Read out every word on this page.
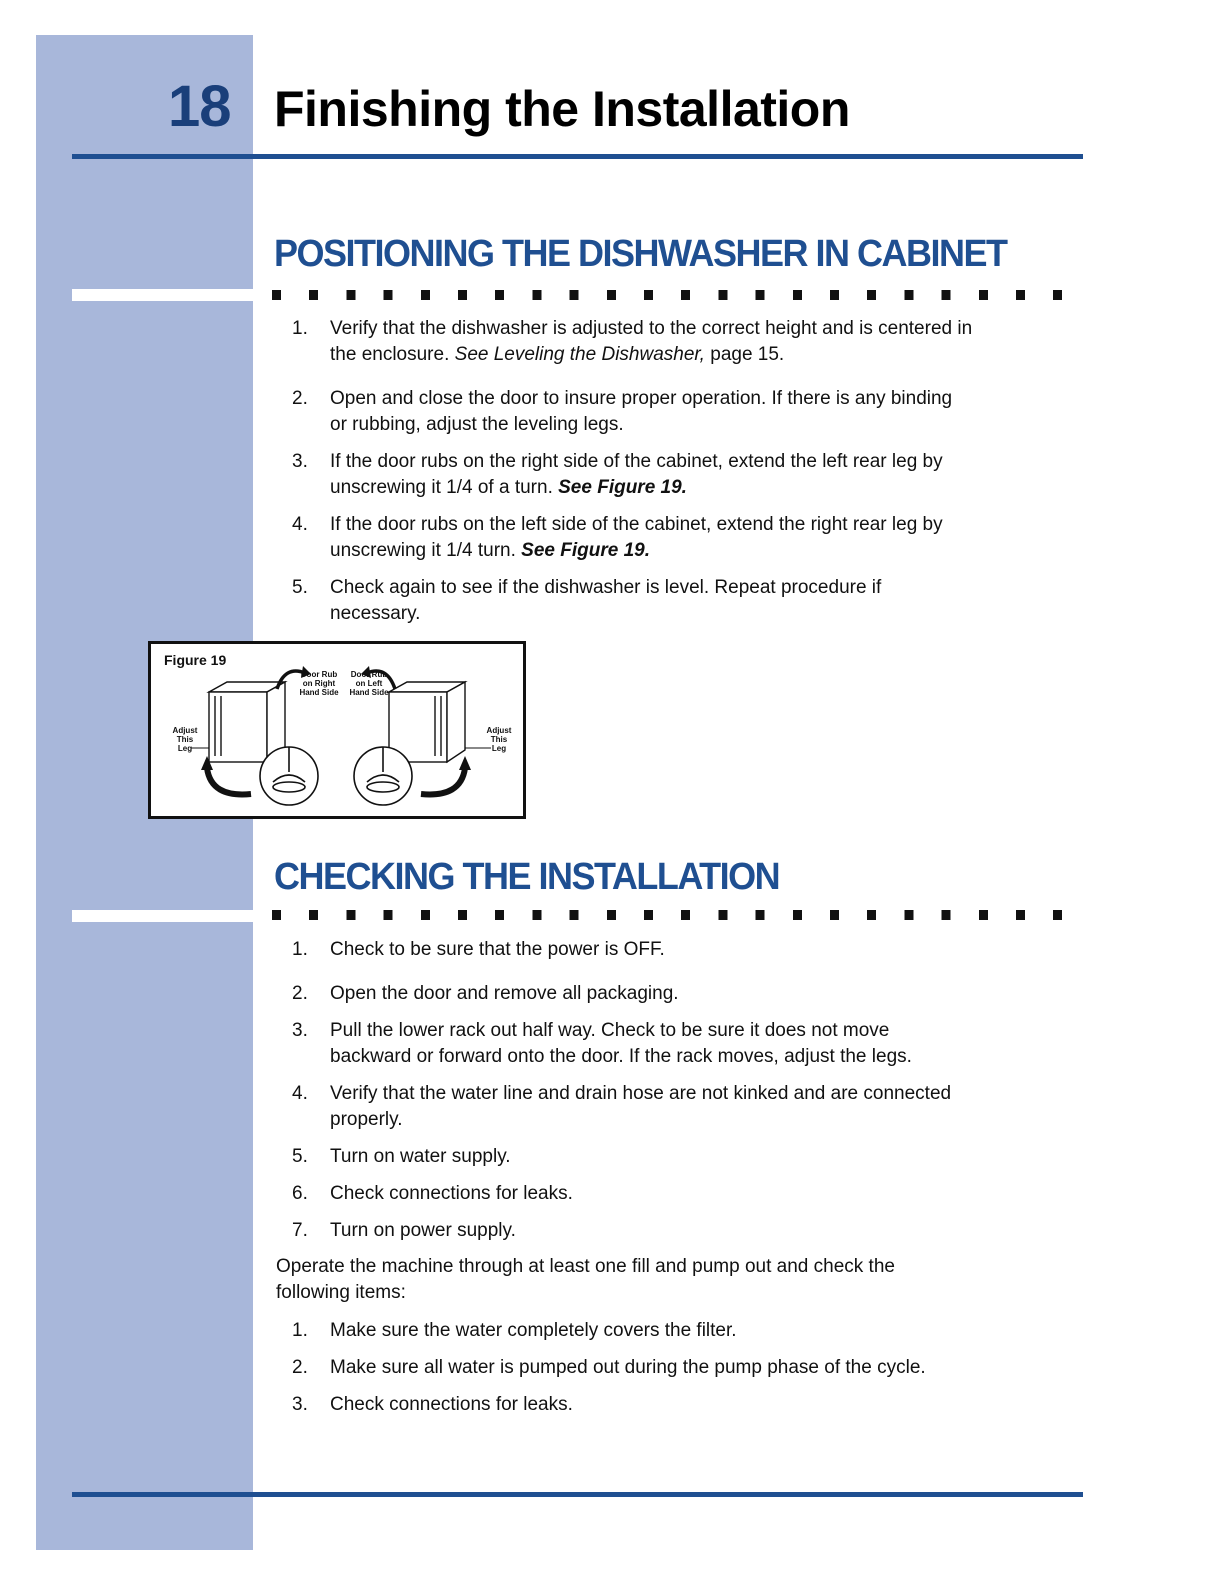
18 Finishing the Installation
POSITIONING THE DISHWASHER IN CABINET
1. Verify that the dishwasher is adjusted to the correct height and is centered in
the enclosure. See Leveling the Dishwasher, page 15.
2. Open and close the door to insure proper operation. If there is any binding
or rubbing, adjust the leveling legs.
3. If the door rubs on the right side of the cabinet, extend the left rear leg by
unscrewing it 1/4 of a turn. See Figure 19.
4. If the door rubs on the left side of the cabinet, extend the right rear leg by
unscrewing it 1/4 turn. See Figure 19.
5. Check again to see if the dishwasher is level. Repeat procedure if
necessary.
Figure 19
Door Rub
on Right
Hand Side
Door Rub
on Left
Hand Side
Adjust
This
Leg
Adjust
This
Leg
CHECKING THE INSTALLATION
1. Check to be sure that the power is OFF.
2. Open the door and remove all packaging.
3. Pull the lower rack out half way. Check to be sure it does not move
backward or forward onto the door. If the rack moves, adjust the legs.
4. Verify that the water line and drain hose are not kinked and are connected
properly.
5. Turn on water supply.
6. Check connections for leaks.
7. Turn on power supply.
Operate the machine through at least one fill and pump out and check the
following items:
1. Make sure the water completely covers the filter.
2. Make sure all water is pumped out during the pump phase of the cycle.
3. Check connections for leaks.
